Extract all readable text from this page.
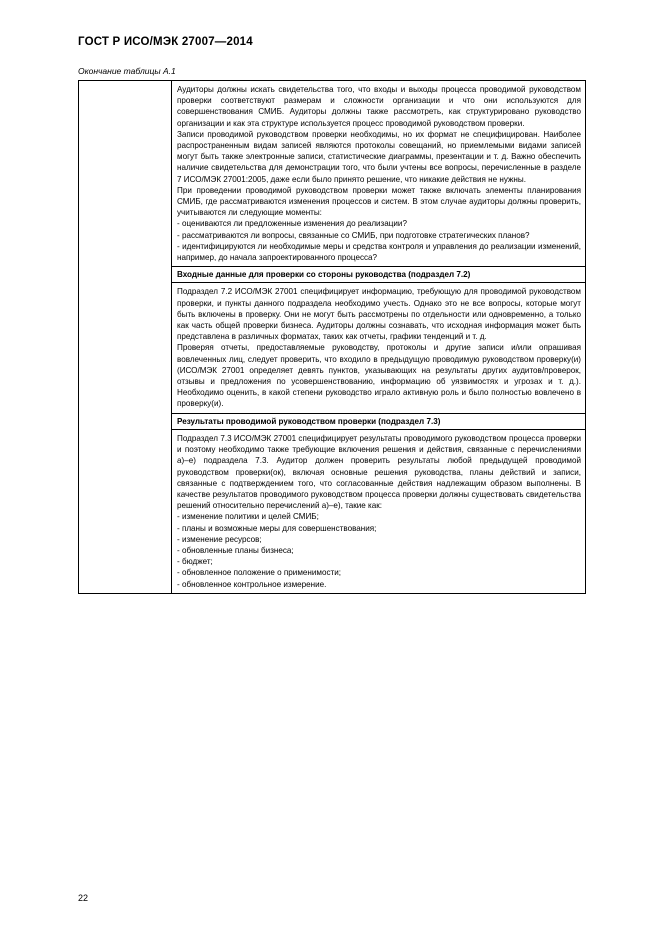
ГОСТ Р ИСО/МЭК 27007—2014
Окончание таблицы А.1

Аудиторы должны искать свидетельства того, что входы и выходы процесса проводимой руководством проверки соответствуют размерам и сложности организации и что они используются для совершенствования СМИБ. Аудиторы должны также рассмотреть, как структурировано руководство организации и как эта структуре используется процесс проводимой руководством проверки.

Записи проводимой руководством проверки необходимы, но их формат не специфицирован. Наиболее распространенным видам записей являются протоколы совещаний, но приемлемыми видами записей могут быть также электронные записи, статистические диаграммы, презентации и т. д. Важно обеспечить наличие свидетельства для демонстрации того, что были учтены все вопросы, перечисленные в разделе 7 ИСО/МЭК 27001:2005, даже если было принято решение, что никакие действия не нужны.

При проведении проводимой руководством проверки может также включать элементы планирования СМИБ, где рассматриваются изменения процессов и систем. В этом случае аудиторы должны проверить, учитываются ли следующие моменты:

- оцениваются ли предложенные изменения до реализации?

- рассматриваются ли вопросы, связанные со СМИБ, при подготовке стратегических планов?

- идентифицируются ли необходимые меры и средства контроля и управления до реализации изменений, например, до начала запроектированного процесса?

Входные данные для проверки со стороны руководства (подраздел 7.2)

Подраздел 7.2 ИСО/МЭК 27001 специфицирует информацию, требующую для проводимой руководством проверки, и пункты данного подраздела необходимо учесть. Однако это не все вопросы, которые могут быть включены в проверку. Они не могут быть рассмотрены по отдельности или одновременно, а только как часть общей проверки бизнеса. Аудиторы должны сознавать, что исходная информация может быть представлена в различных форматах, таких как отчеты, графики тенденций и т. д.

Проверяя отчеты, предоставляемые руководству, протоколы и другие записи и/или опрашивая вовлеченных лиц, следует проверить, что входило в предыдущую проводимую руководством проверку(и) (ИСО/МЭК 27001 определяет девять пунктов, указывающих на результаты других аудитов/проверок, отзывы и предложения по усовершенствованию, информацию об уязвимостях и угрозах и т. д.). Необходимо оценить, в какой степени руководство играло активную роль и было полностью вовлечено в проверку(и).

Результаты проводимой руководством проверки (подраздел 7.3)

Подраздел 7.3 ИСО/МЭК 27001 специфицирует результаты проводимого руководством процесса проверки и поэтому необходимо также требующие включения решения и действия, связанные с перечислениями а)–е) подраздела 7.3. Аудитор должен проверить результаты любой предыдущей проводимой руководством проверки(ок), включая основные решения руководства, планы действий и записи, связанные с подтверждением того, что согласованные действия надлежащим образом выполнены. В качестве результатов проводимого руководством процесса проверки должны существовать свидетельства решений относительно перечислений а)–е), такие как:

- изменение политики и целей СМИБ;

- планы и возможные меры для совершенствования;

- изменение ресурсов;

- обновленные планы бизнеса;

- бюджет;

- обновленное положение о применимости;

- обновленное контрольное измерение.

22
